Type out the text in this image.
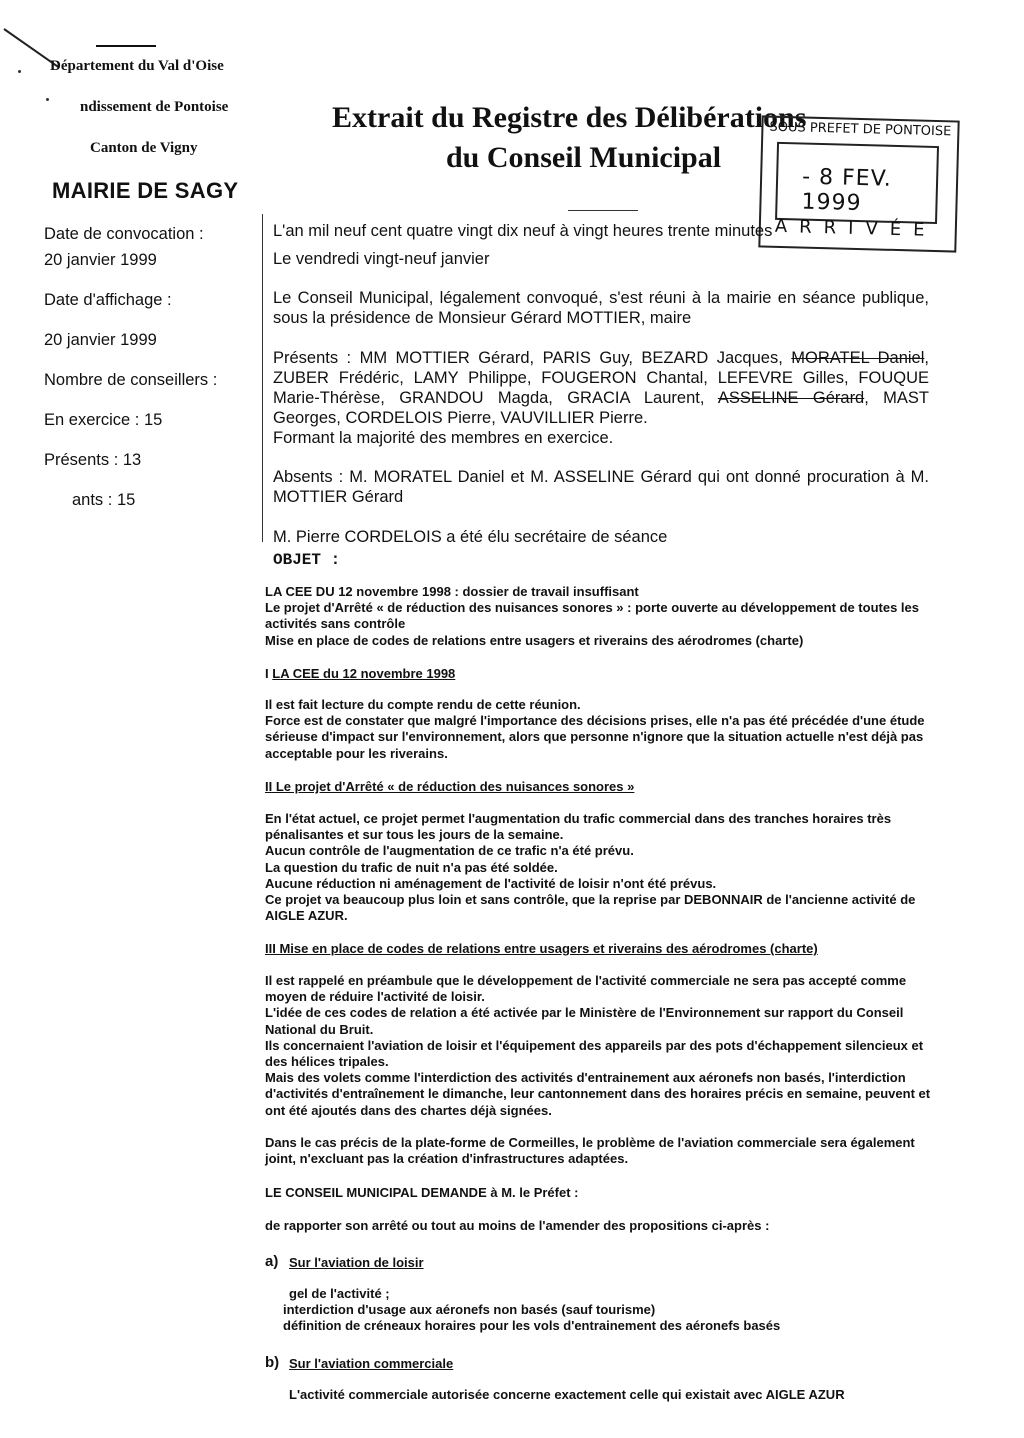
Département du Val d'Oise
ndissement de Pontoise
Canton de Vigny
MAIRIE DE SAGY
Extrait du Registre des Délibérations
du Conseil Municipal
SOUS PREFET DE PONTOISE
- 8 FEV. 1999
ARRIVÉE
Date de convocation :
20 janvier 1999
Date d'affichage :
20 janvier 1999
Nombre de conseillers :
En exercice : 15
Présents : 13
ants : 15
L'an mil neuf cent quatre vingt dix neuf à vingt heures trente minutes
Le vendredi vingt-neuf janvier
Le Conseil Municipal, légalement convoqué, s'est réuni à la mairie en séance publique, sous la présidence de Monsieur Gérard MOTTIER, maire
Présents : MM MOTTIER Gérard, PARIS Guy, BEZARD Jacques, MORATEL Daniel, ZUBER Frédéric, LAMY Philippe, FOUGERON Chantal, LEFEVRE Gilles, FOUQUE Marie-Thérèse, GRANDOU Magda, GRACIA Laurent, ASSELINE Gérard, MAST Georges, CORDELOIS Pierre, VAUVILLIER Pierre.
Formant la majorité des membres en exercice.
Absents : M. MORATEL Daniel et M. ASSELINE Gérard qui ont donné procuration à M. MOTTIER Gérard
M. Pierre CORDELOIS a été élu secrétaire de séance
OBJET :
LA CEE DU 12 novembre 1998 : dossier de travail insuffisant
Le projet d'Arrêté « de réduction des nuisances sonores » : porte ouverte au développement de toutes les activités sans contrôle
Mise en place de codes de relations entre usagers et riverains des aérodromes (charte)
I LA CEE du 12 novembre 1998
Il est fait lecture du compte rendu de cette réunion.
Force est de constater que malgré l'importance des décisions prises, elle n'a pas été précédée d'une étude sérieuse d'impact sur l'environnement, alors que personne n'ignore que la situation actuelle n'est déjà pas acceptable pour les riverains.
II Le projet d'Arrêté « de réduction des nuisances sonores »
En l'état actuel, ce projet permet l'augmentation du trafic commercial dans des tranches horaires très pénalisantes et sur tous les jours de la semaine.
Aucun contrôle de l'augmentation de ce trafic n'a été prévu.
La question du trafic de nuit n'a pas été soldée.
Aucune réduction ni aménagement de l'activité de loisir n'ont été prévus.
Ce projet va beaucoup plus loin et sans contrôle, que la reprise par DEBONNAIR de l'ancienne activité de AIGLE AZUR.
III Mise en place de codes de relations entre usagers et riverains des aérodromes (charte)
Il est rappelé en préambule que le développement de l'activité commerciale ne sera pas accepté comme moyen de réduire l'activité de loisir.
L'idée de ces codes de relation a été activée par le Ministère de l'Environnement sur rapport du Conseil National du Bruit.
Ils concernaient l'aviation de loisir et l'équipement des appareils par des pots d'échappement silencieux et des hélices tripales.
Mais des volets comme l'interdiction des activités d'entrainement aux aéronefs non basés, l'interdiction d'activités d'entraînement le dimanche, leur cantonnement dans des horaires précis en semaine, peuvent et ont été ajoutés dans des chartes déjà signées.
Dans le cas précis de la plate-forme de Cormeilles, le problème de l'aviation commerciale sera également joint, n'excluant pas la création d'infrastructures adaptées.
LE CONSEIL MUNICIPAL DEMANDE à M. le Préfet :
de rapporter son arrêté ou tout au moins de l'amender des propositions ci-après :
a) Sur l'aviation de loisir
gel de l'activité ;
interdiction d'usage aux aéronefs non basés (sauf tourisme)
définition de créneaux horaires pour les vols d'entrainement des aéronefs basés
b) Sur l'aviation commerciale
L'activité commerciale autorisée concerne exactement celle qui existait avec AIGLE AZUR
